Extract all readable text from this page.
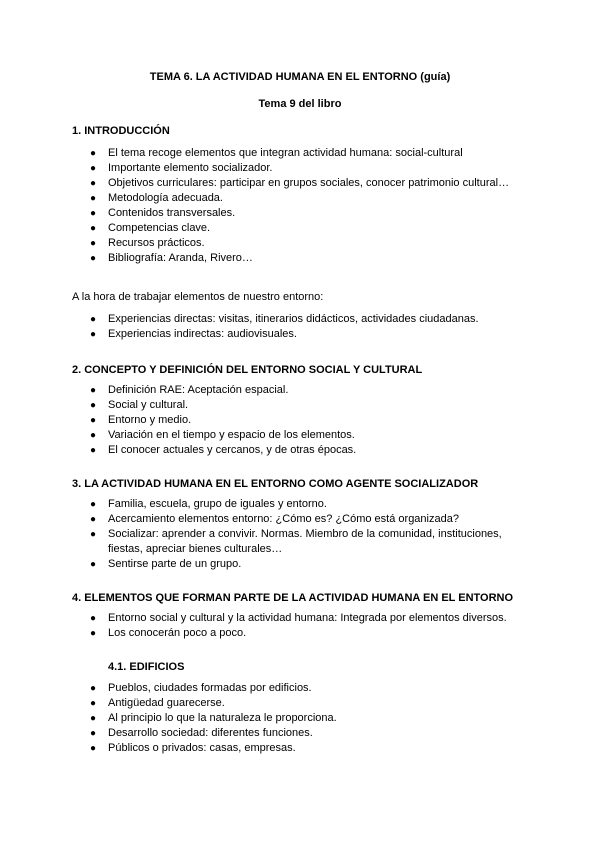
TEMA 6. LA ACTIVIDAD HUMANA EN EL ENTORNO (guía)
Tema 9 del libro
1. INTRODUCCIÓN
● El tema recoge elementos que integran actividad humana: social-cultural
● Importante elemento socializador.
● Objetivos curriculares: participar en grupos sociales, conocer patrimonio cultural…
● Metodología adecuada.
● Contenidos transversales.
● Competencias clave.
● Recursos prácticos.
● Bibliografía: Aranda, Rivero…
A la hora de trabajar elementos de nuestro entorno:
● Experiencias directas: visitas, itinerarios didácticos, actividades ciudadanas.
● Experiencias indirectas: audiovisuales.
2. CONCEPTO Y DEFINICIÓN DEL ENTORNO SOCIAL Y CULTURAL
● Definición RAE: Aceptación espacial.
● Social y cultural.
● Entorno y medio.
● Variación en el tiempo y espacio de los elementos.
● El conocer actuales y cercanos, y de otras épocas.
3. LA ACTIVIDAD HUMANA EN EL ENTORNO COMO AGENTE SOCIALIZADOR
● Familia, escuela, grupo de iguales y entorno.
● Acercamiento elementos entorno: ¿Cómo es? ¿Cómo está organizada?
● Socializar: aprender a convivir. Normas. Miembro de la comunidad, instituciones, fiestas, apreciar bienes culturales…
● Sentirse parte de un grupo.
4. ELEMENTOS QUE FORMAN PARTE DE LA ACTIVIDAD HUMANA EN EL ENTORNO
● Entorno social y cultural y la actividad humana: Integrada por elementos diversos.
● Los conocerán poco a poco.
4.1. EDIFICIOS
● Pueblos, ciudades formadas por edificios.
● Antigüedad guarecerse.
● Al principio lo que la naturaleza le proporciona.
● Desarrollo sociedad: diferentes funciones.
● Públicos o privados: casas, empresas.
